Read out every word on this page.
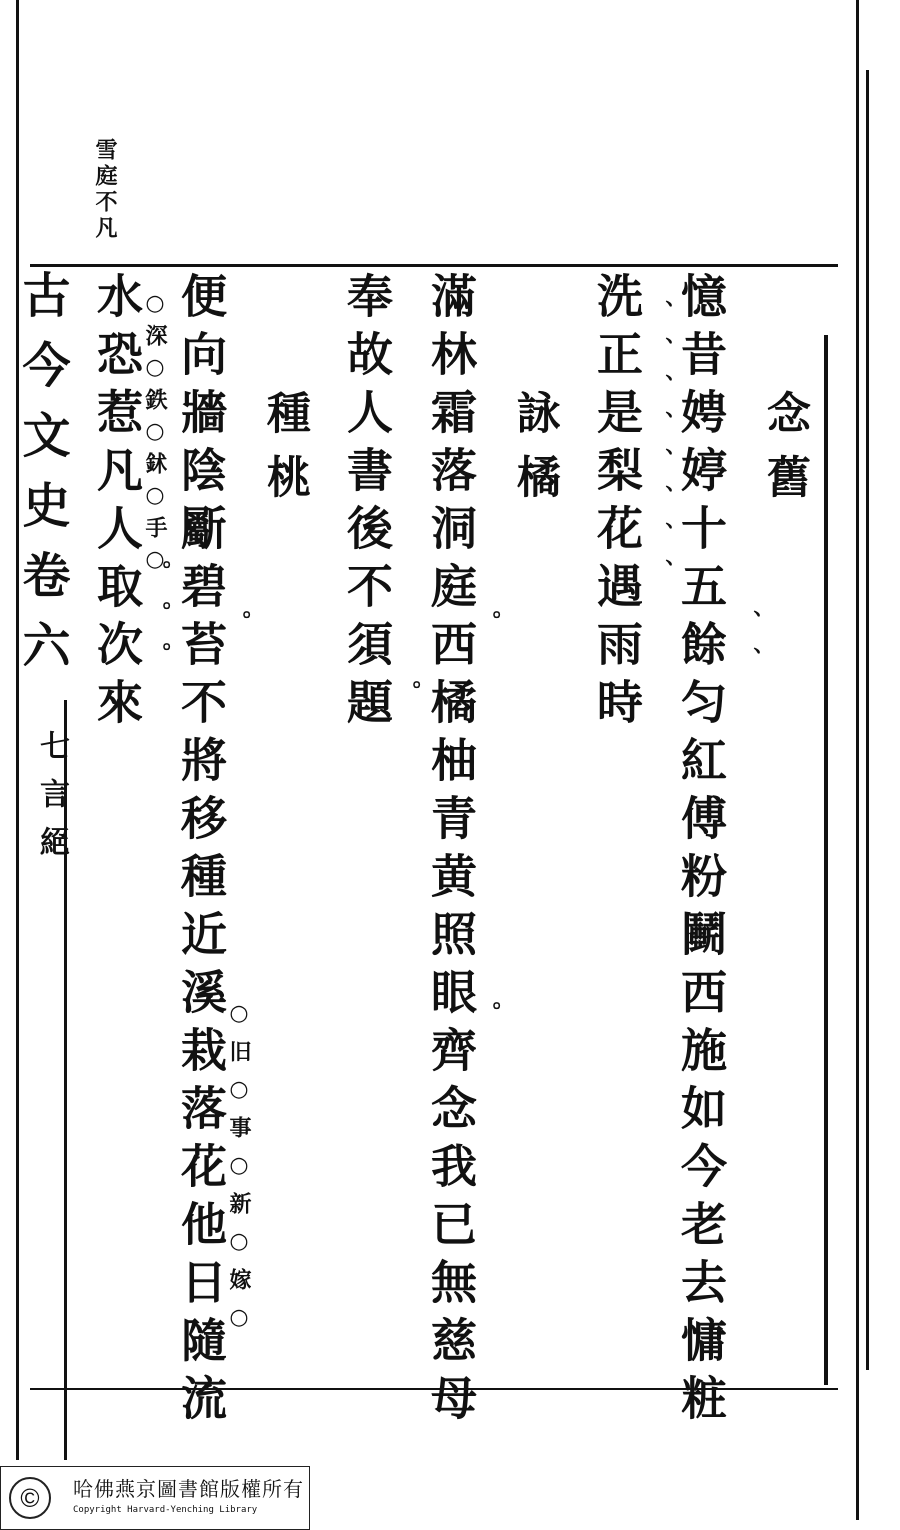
雪庭不凡
古今文史卷六
七言絕
念舊
憶昔娉婷十五餘匀紅傅粉鬭西施如今老去慵粧
洗正是梨花遇雨時
詠橘
滿林霜落洞庭西橘柚青黄照眼齊念我已無慈母
奉故人書後不須題
種桃
便向牆陰斸碧苔不將移種近溪栽落花他日隨流
水恐惹凡人取次來
○深○鉄○鉥○手○
○旧○事○新○嫁○
、、
、、、、、、、、
。。
。
。
。。。
©	哈佛燕京圖書館版權所有
Copyright Harvard-Yenching Library
